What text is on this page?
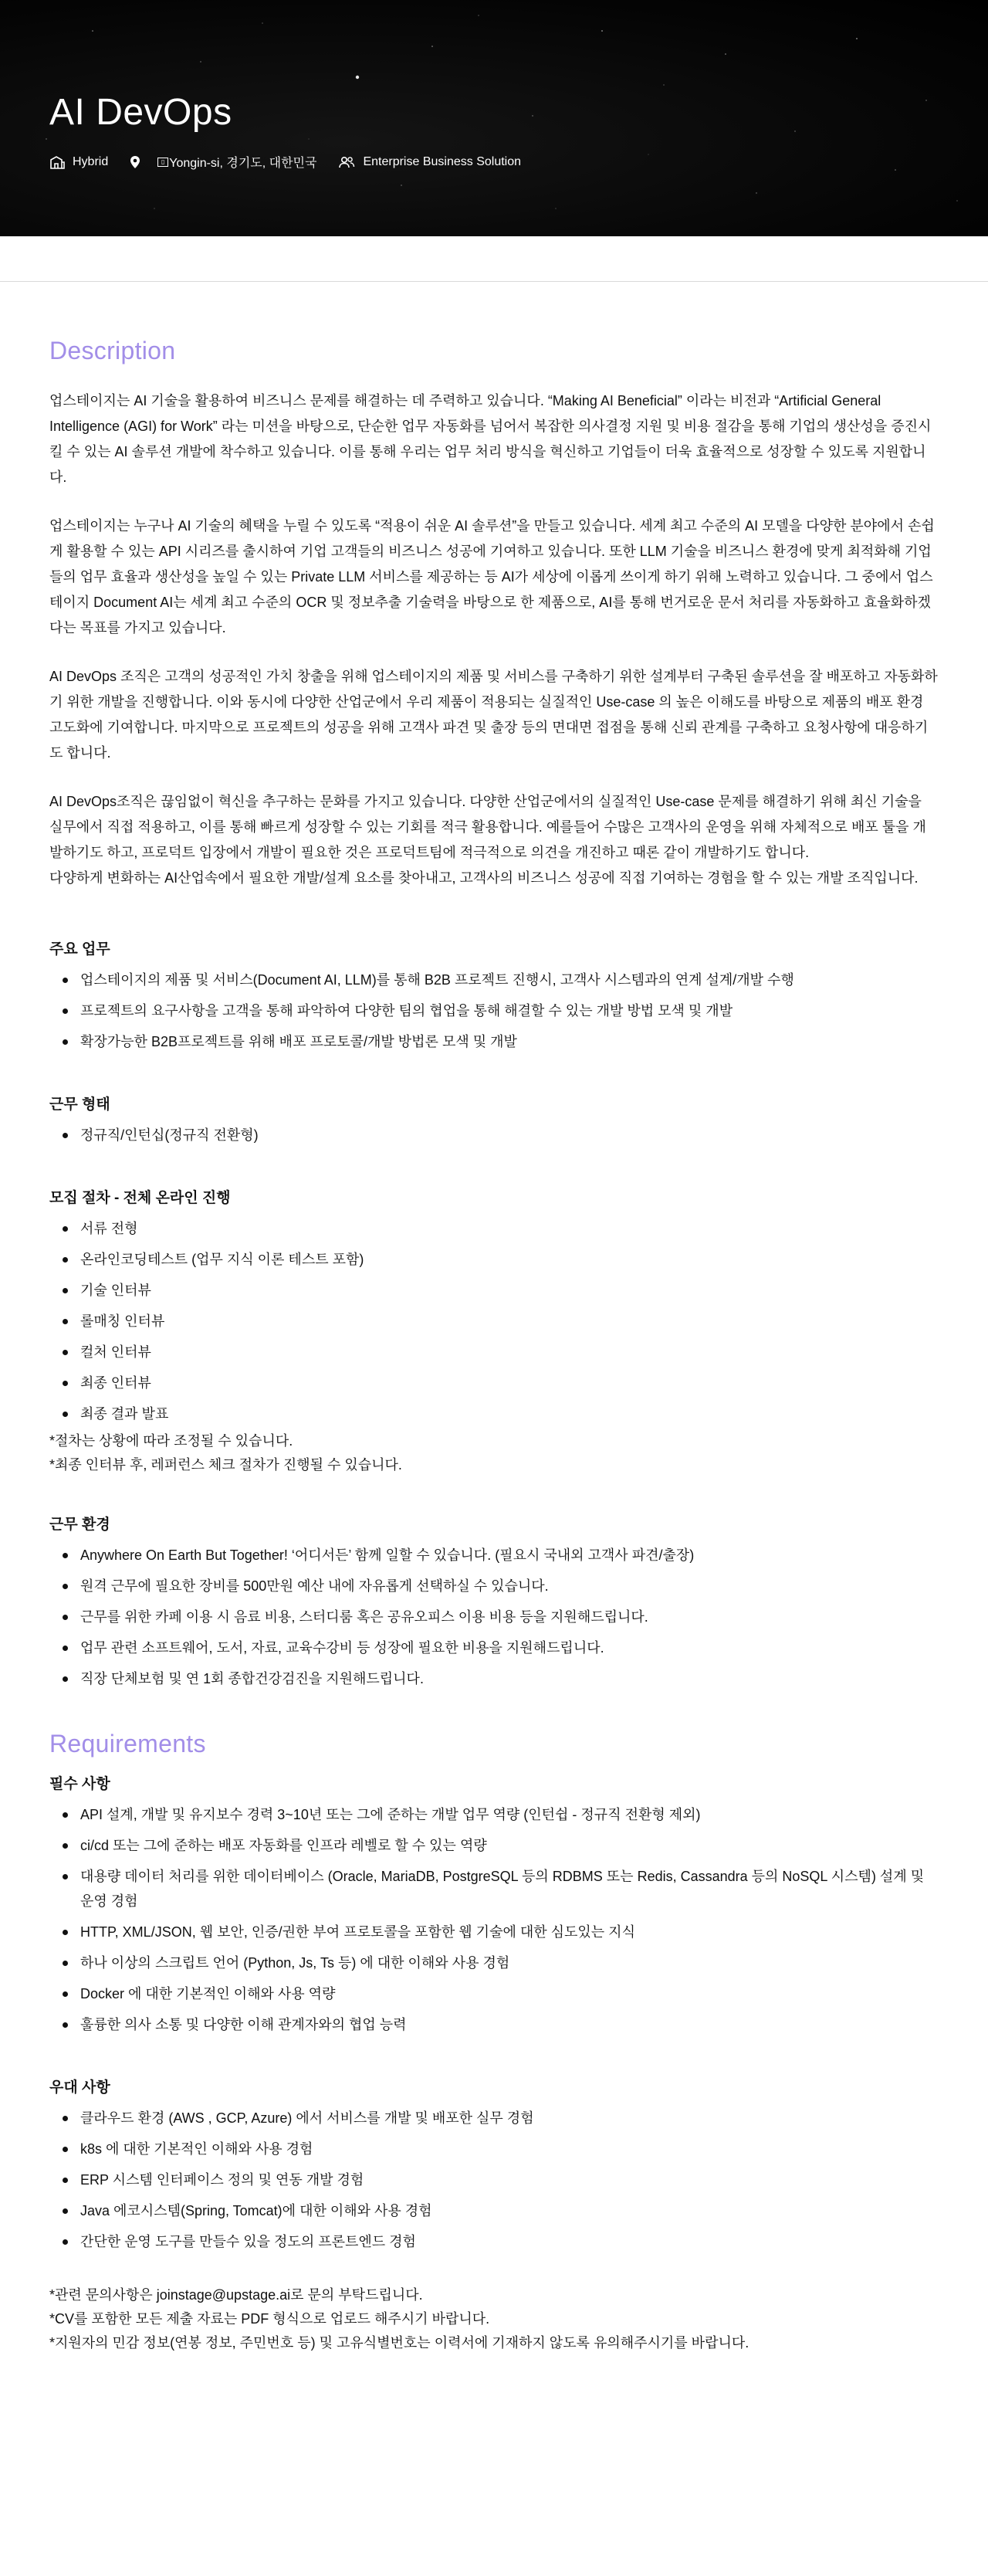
AI DevOps
Hybrid	▯ Yongin-si, 경기도, 대한민국	Enterprise Business Solution
Description

업스테이지는 AI 기술을 활용하여 비즈니스 문제를 해결하는 데 주력하고 있습니다. “Making AI Beneficial” 이라는 비전과 “Artificial General Intelligence (AGI) for Work” 라는 미션을 바탕으로, 단순한 업무 자동화를 넘어서 복잡한 의사결정 지원 및 비용 절감을 통해 기업의 생산성을 증진시킬 수 있는 AI 솔루션 개발에 착수하고 있습니다. 이를 통해 우리는 업무 처리 방식을 혁신하고 기업들이 더욱 효율적으로 성장할 수 있도록 지원합니다.

업스테이지는 누구나 AI 기술의 혜택을 누릴 수 있도록 “적용이 쉬운 AI 솔루션”을 만들고 있습니다. 세계 최고 수준의 AI 모델을 다양한 분야에서 손쉽게 활용할 수 있는 API 시리즈를 출시하여 기업 고객들의 비즈니스 성공에 기여하고 있습니다. 또한 LLM 기술을 비즈니스 환경에 맞게 최적화해 기업들의 업무 효율과 생산성을 높일 수 있는 Private LLM 서비스를 제공하는 등 AI가 세상에 이롭게 쓰이게 하기 위해 노력하고 있습니다. 그 중에서 업스테이지 Document AI는 세계 최고 수준의 OCR 및 정보추출 기술력을 바탕으로 한 제품으로, AI를 통해 번거로운 문서 처리를 자동화하고 효율화하겠다는 목표를 가지고 있습니다.

AI DevOps 조직은 고객의 성공적인 가치 창출을 위해 업스테이지의 제품 및 서비스를 구축하기 위한 설계부터 구축된 솔루션을 잘 배포하고 자동화하기 위한 개발을 진행합니다. 이와 동시에 다양한 산업군에서 우리 제품이 적용되는 실질적인 Use-case 의 높은 이해도를 바탕으로 제품의 배포 환경 고도화에 기여합니다. 마지막으로 프로젝트의 성공을 위해 고객사 파견 및 출장 등의 면대면 접점을 통해 신뢰 관계를 구축하고 요청사항에 대응하기도 합니다.

AI DevOps조직은 끊임없이 혁신을 추구하는 문화를 가지고 있습니다. 다양한 산업군에서의 실질적인 Use-case 문제를 해결하기 위해 최신 기술을 실무에서 직접 적용하고, 이를 통해 빠르게 성장할 수 있는 기회를 적극 활용합니다. 예를들어 수많은 고객사의 운영을 위해 자체적으로 배포 툴을 개발하기도 하고, 프로덕트 입장에서 개발이 필요한 것은 프로덕트팀에 적극적으로 의견을 개진하고 때론 같이 개발하기도 합니다.

다양하게 변화하는 AI산업속에서 필요한 개발/설계 요소를 찾아내고, 고객사의 비즈니스 성공에 직접 기여하는 경험을 할 수 있는 개발 조직입니다.

주요 업무
업스테이지의 제품 및 서비스(Document AI, LLM)를 통해 B2B 프로젝트 진행시, 고객사 시스템과의 연계 설계/개발 수행
프로젝트의 요구사항을 고객을 통해 파악하여 다양한 팀의 협업을 통해 해결할 수 있는 개발 방법 모색 및 개발
확장가능한 B2B프로젝트를 위해 배포 프로토콜/개발 방법론 모색 및 개발
근무 형태
정규직/인턴십(정규직 전환형)
모집 절차 - 전체 온라인 진행
서류 전형
온라인코딩테스트 (업무 지식 이론 테스트 포함)
기술 인터뷰
롤매칭 인터뷰
컬처 인터뷰
최종 인터뷰
최종 결과 발표
*절차는 상황에 따라 조정될 수 있습니다.
*최종 인터뷰 후, 레퍼런스 체크 절차가 진행될 수 있습니다.
근무 환경
Anywhere On Earth But Together! ‘어디서든’ 함께 일할 수 있습니다. (필요시 국내외 고객사 파견/출장)
원격 근무에 필요한 장비를 500만원 예산 내에 자유롭게 선택하실 수 있습니다.
근무를 위한 카페 이용 시 음료 비용, 스터디룸 혹은 공유오피스 이용 비용 등을 지원해드립니다.
업무 관련 소프트웨어, 도서, 자료, 교육수강비 등 성장에 필요한 비용을 지원해드립니다.
직장 단체보험 및 연 1회 종합건강검진을 지원해드립니다.
Requirements
필수 사항
API 설계, 개발 및 유지보수 경력 3~10년 또는 그에 준하는 개발 업무 역량 (인턴쉽 - 정규직 전환형 제외)
ci/cd 또는 그에 준하는 배포 자동화를 인프라 레벨로 할 수 있는 역량
대용량 데이터 처리를 위한 데이터베이스 (Oracle, MariaDB, PostgreSQL 등의 RDBMS 또는 Redis, Cassandra 등의 NoSQL 시스템) 설계 및 운영 경험
HTTP, XML/JSON, 웹 보안, 인증/권한 부여 프로토콜을 포함한 웹 기술에 대한 심도있는 지식
하나 이상의 스크립트 언어 (Python, Js, Ts 등) 에 대한 이해와 사용 경험
Docker 에 대한 기본적인 이해와 사용 역량
훌륭한 의사 소통 및 다양한 이해 관계자와의 협업 능력
우대 사항
클라우드 환경 (AWS , GCP, Azure) 에서 서비스를 개발 및 배포한 실무 경험
k8s 에 대한 기본적인 이해와 사용 경험
ERP 시스템 인터페이스 정의 및 연동 개발 경험
Java 에코시스템(Spring, Tomcat)에 대한 이해와 사용 경험
간단한 운영 도구를 만들수 있을 정도의 프론트엔드 경험
*관련 문의사항은 joinstage@upstage.ai로 문의 부탁드립니다.
*CV를 포함한 모든 제출 자료는 PDF 형식으로 업로드 해주시기 바랍니다.
*지원자의 민감 정보(연봉 정보, 주민번호 등) 및 고유식별번호는 이력서에 기재하지 않도록 유의해주시기를 바랍니다.
